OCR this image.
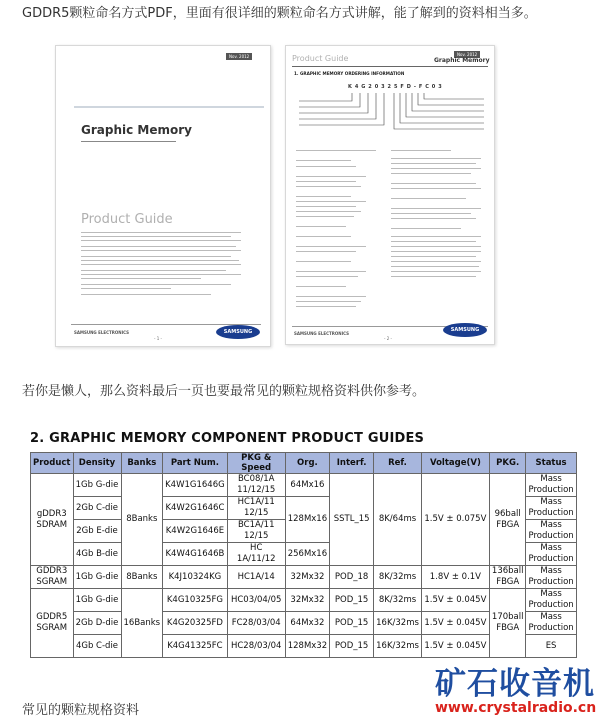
GDDR5颗粒命名方式PDF，里面有很详细的颗粒命名方式讲解，能了解到的资料相当多。
Nov. 2012
Graphic Memory
Product Guide
SAMSUNG ELECTRONICS
- 1 -
SAMSUNG
Nov. 2012
Product Guide	Graphic Memory
1. GRAPHIC MEMORY ORDERING INFORMATION
K 4 G 2 0 3 2 5 F D - F C 0 3
SAMSUNG ELECTRONICS
- 2 -
SAMSUNG
若你是懒人，那么资料最后一页也要最常见的颗粒规格资料供你参考。
2. GRAPHIC MEMORY COMPONENT PRODUCT GUIDES
Product	Density	Banks	Part Num.	PKG & Speed	Org.	Interf.	Ref.	Voltage(V)	PKG.	Status
gDDR3 SDRAM	1Gb G-die	8Banks	K4W1G1646G	BC08/1A 11/12/15	64Mx16	SSTL_15	8K/64ms	1.5V ± 0.075V	96ball FBGA	Mass Production
	2Gb C-die		K4W2G1646C	HC1A/11 12/15	128Mx16					Mass Production
	2Gb E-die		K4W2G1646E	BC1A/11 12/15						Mass Production
	4Gb B-die		K4W4G1646B	HC 1A/11/12	256Mx16					Mass Production
GDDR3 SGRAM	1Gb G-die	8Banks	K4J10324KG	HC1A/14	32Mx32	POD_18	8K/32ms	1.8V ± 0.1V	136ball FBGA	Mass Production
GDDR5 SGRAM	1Gb G-die	16Banks	K4G10325FG	HC03/04/05	32Mx32	POD_15	8K/32ms	1.5V ± 0.045V	170ball FBGA	Mass Production
	2Gb D-die		K4G20325FD	FC28/03/04	64Mx32	POD_15	16K/32ms	1.5V ± 0.045V		Mass Production
	4Gb C-die		K4G41325FC	HC28/03/04	128Mx32	POD_15	16K/32ms	1.5V ± 0.045V		ES
常见的颗粒规格资料
矿石收音机
www.crystalradio.cn
